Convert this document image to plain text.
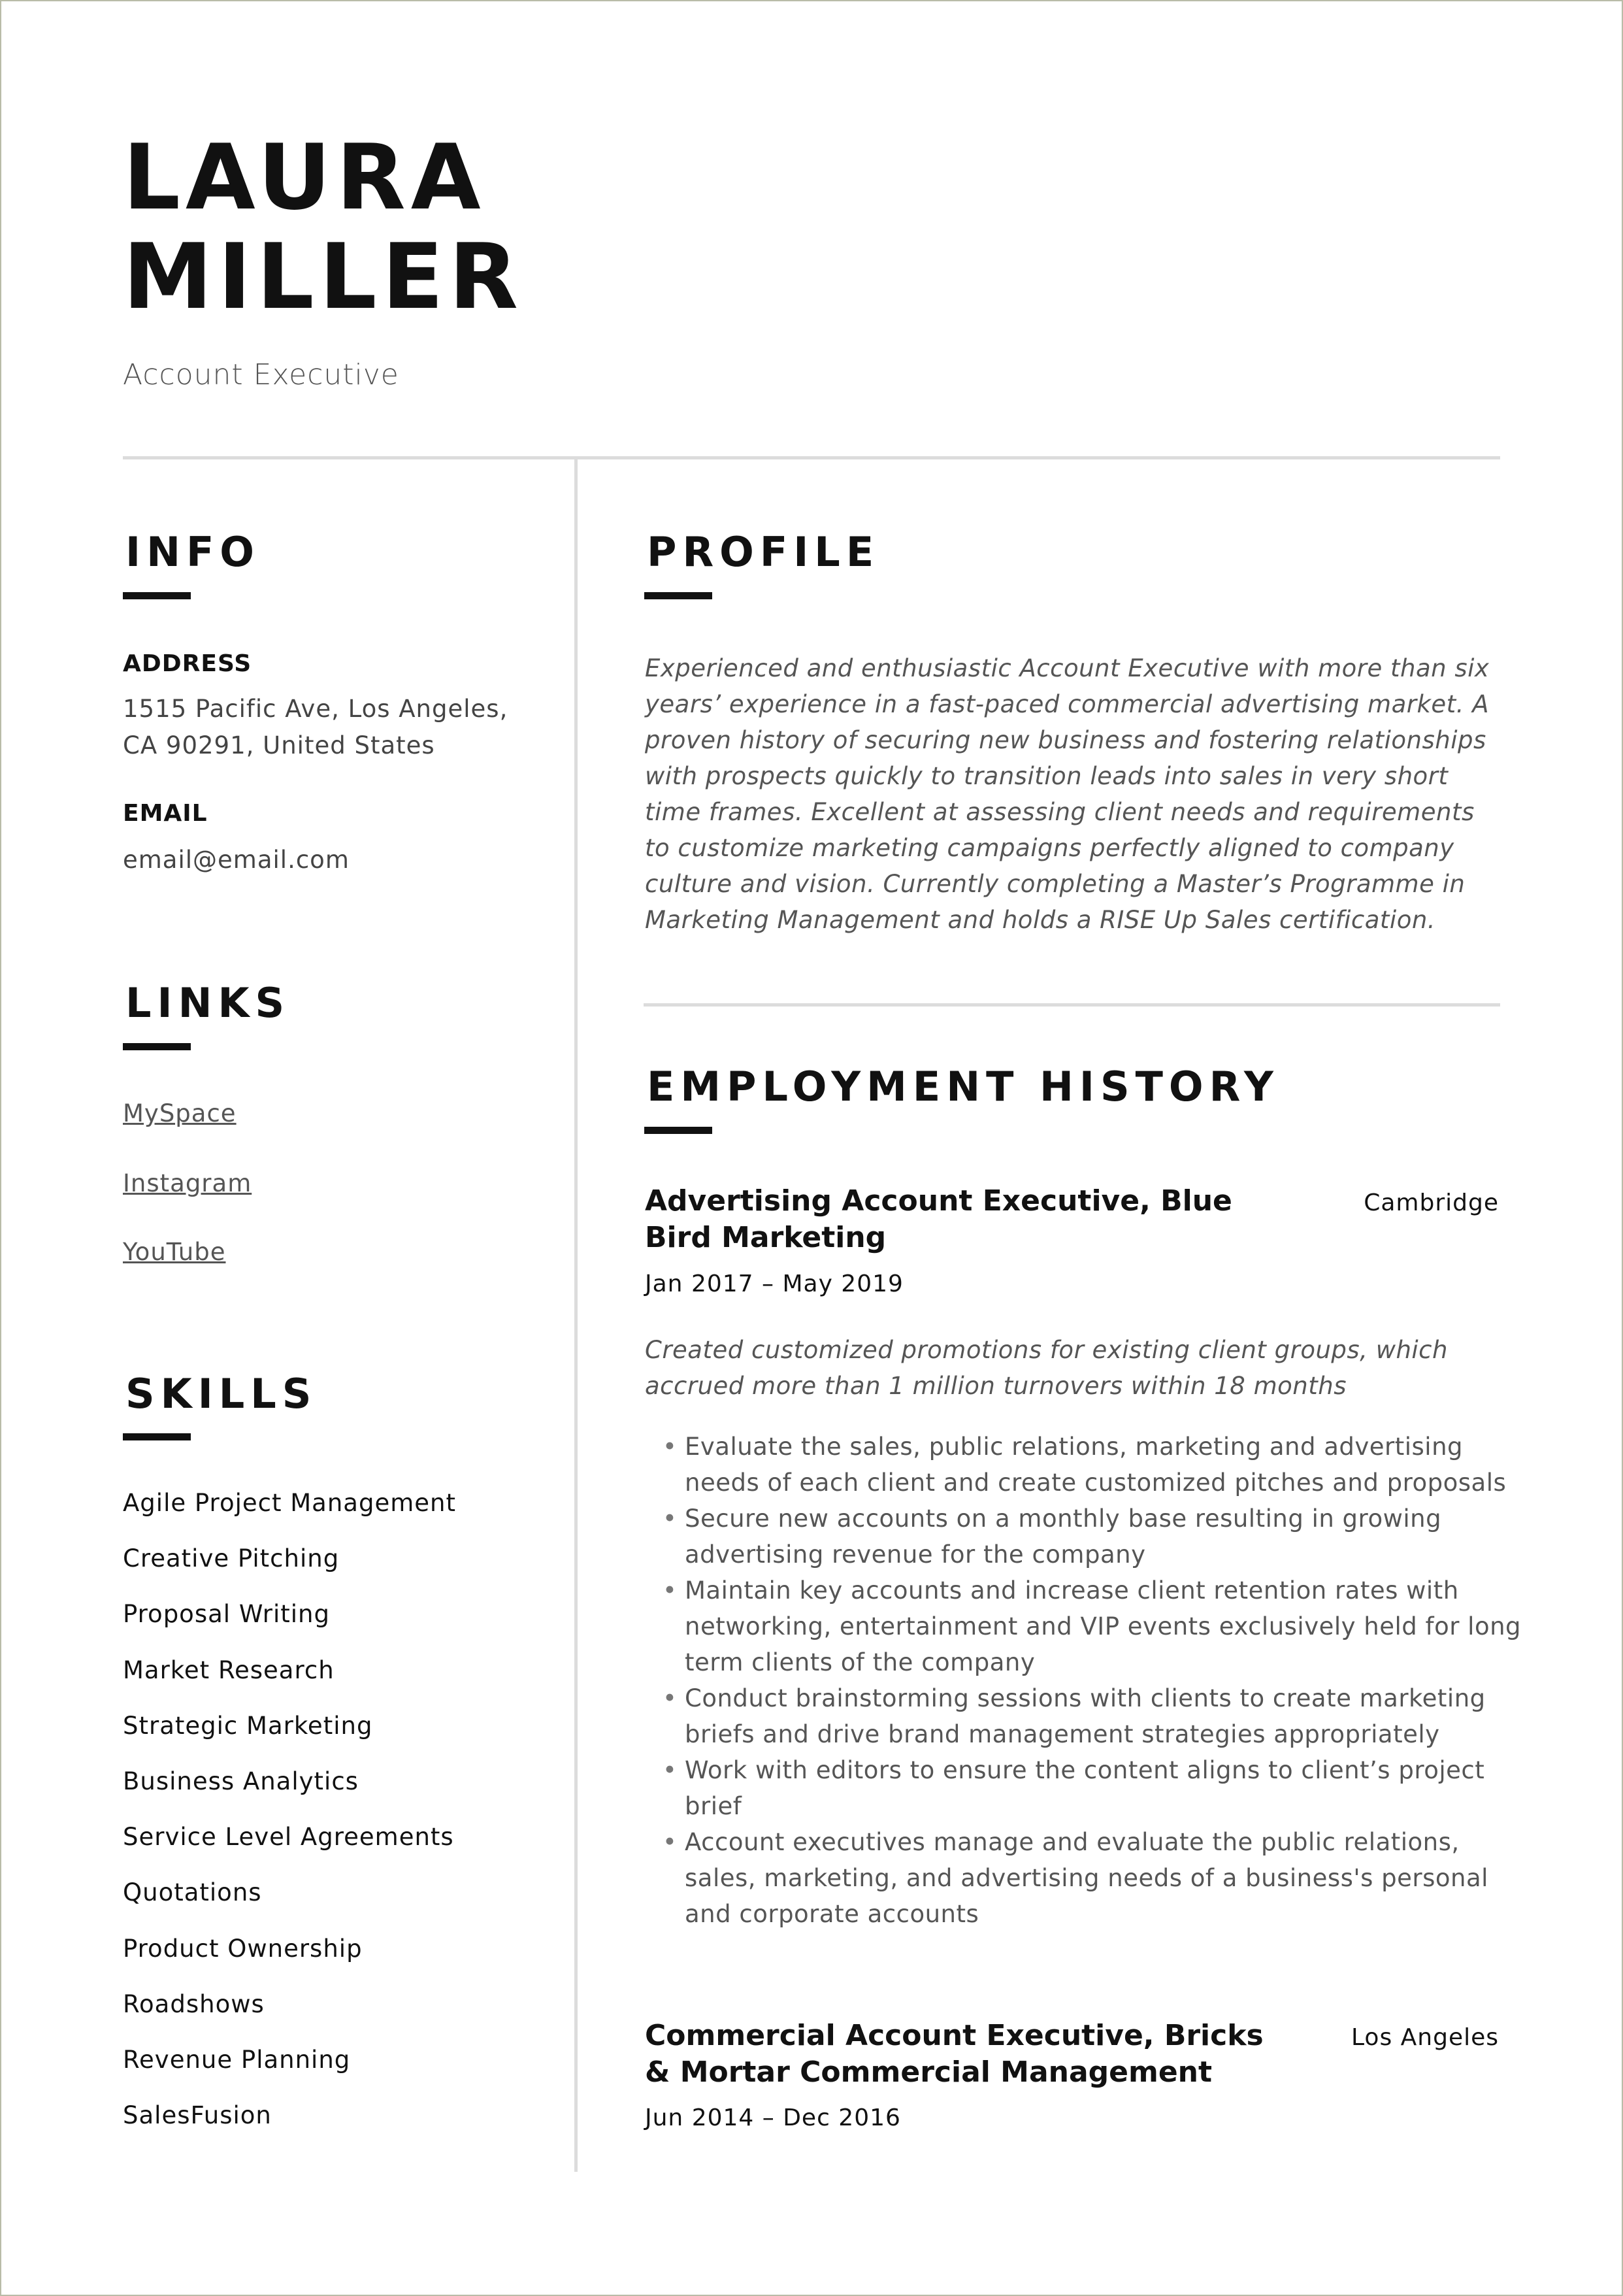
LAURA
MILLER
Account Executive
INFO
ADDRESS
1515 Pacific Ave, Los Angeles,
CA 90291, United States
EMAIL
email@email.com
LINKS
MySpace
Instagram
YouTube
SKILLS
Agile Project Management
Creative Pitching
Proposal Writing
Market Research
Strategic Marketing
Business Analytics
Service Level Agreements
Quotations
Product Ownership
Roadshows
Revenue Planning
SalesFusion
PROFILE
Experienced and enthusiastic Account Executive with more than six years’ experience in a fast-paced commercial advertising market. A proven history of securing new business and fostering relationships with prospects quickly to transition leads into sales in very short time frames. Excellent at assessing client needs and requirements to customize marketing campaigns perfectly aligned to company culture and vision. Currently completing a Master’s Programme in Marketing Management and holds a RISE Up Sales certification.
EMPLOYMENT HISTORY
Advertising Account Executive, Blue Bird Marketing
Cambridge
Jan 2017 – May 2019
Created customized promotions for existing client groups, which accrued more than 1 million turnovers within 18 months
• Evaluate the sales, public relations, marketing and advertising needs of each client and create customized pitches and proposals
• Secure new accounts on a monthly base resulting in growing advertising revenue for the company
• Maintain key accounts and increase client retention rates with networking, entertainment and VIP events exclusively held for long term clients of the company
• Conduct brainstorming sessions with clients to create marketing briefs and drive brand management strategies appropriately
• Work with editors to ensure the content aligns to client’s project brief
• Account executives manage and evaluate the public relations, sales, marketing, and advertising needs of a business's personal and corporate accounts
Commercial Account Executive, Bricks & Mortar Commercial Management
Los Angeles
Jun 2014 – Dec 2016
